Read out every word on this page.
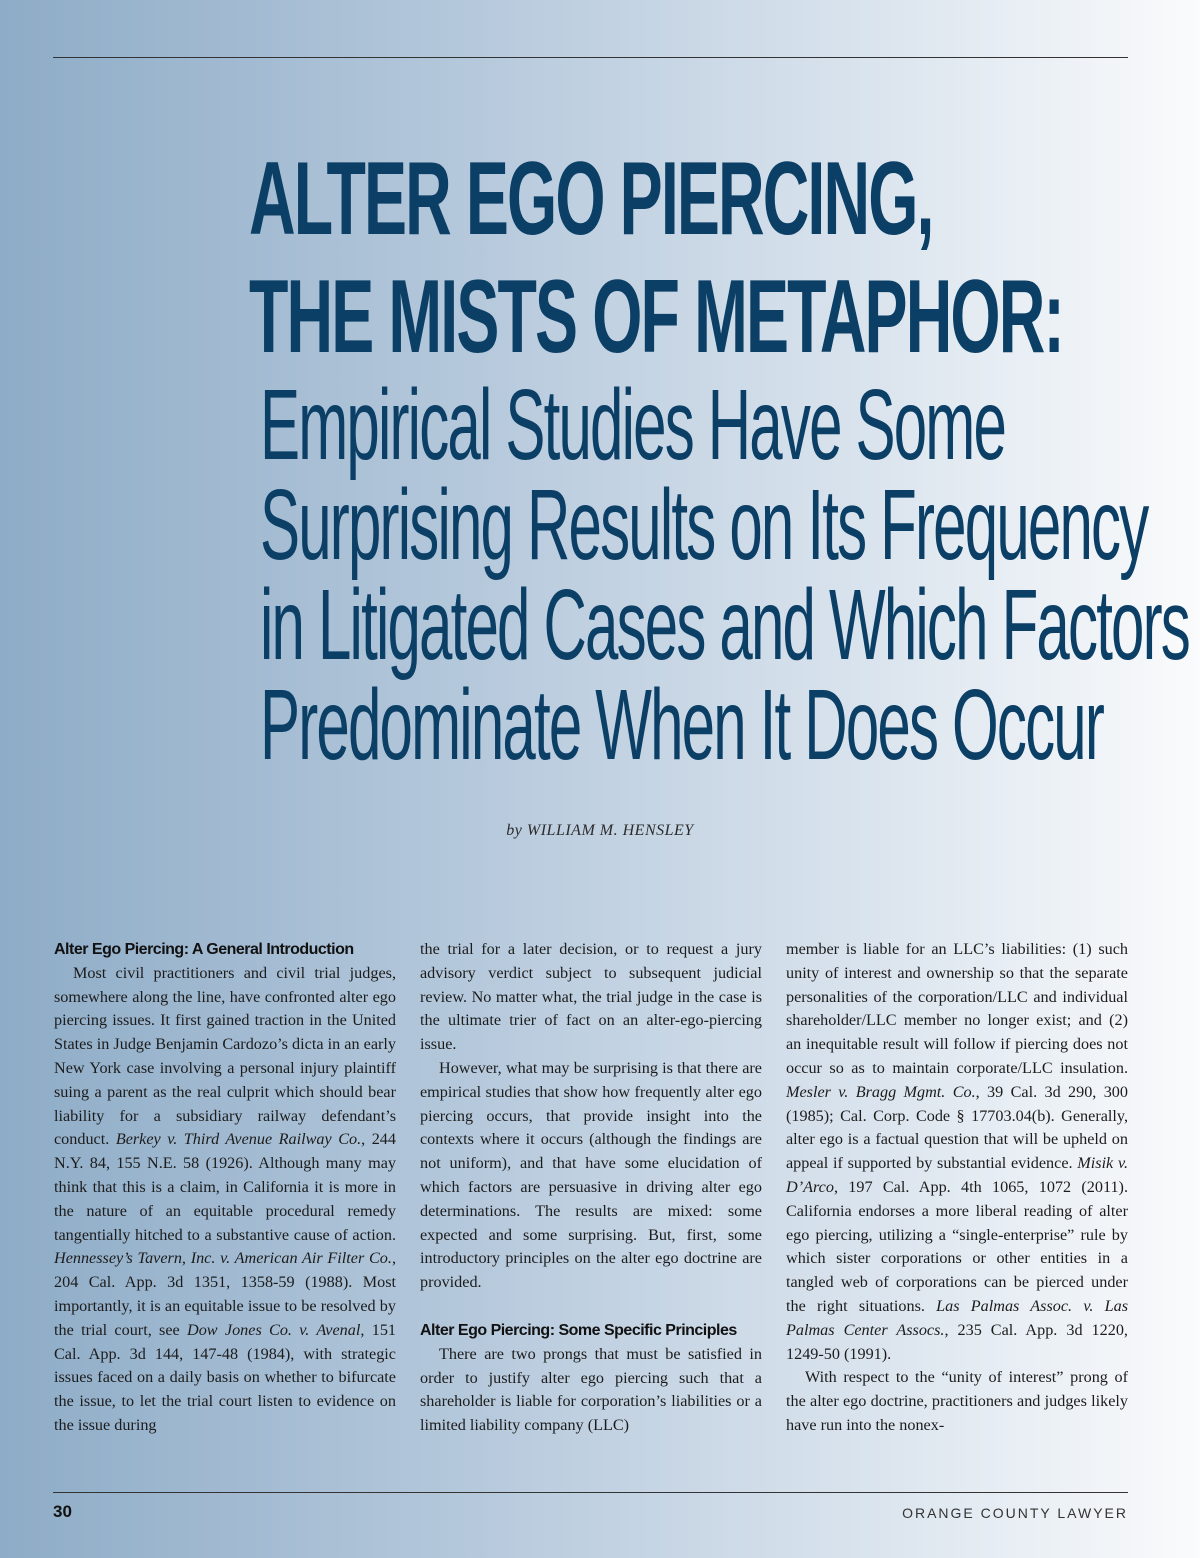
ALTER EGO PIERCING,
THE MISTS OF METAPHOR:
Empirical Studies Have Some
Surprising Results on Its Frequency
in Litigated Cases and Which Factors
Predominate When It Does Occur
by WILLIAM M. HENSLEY
Alter Ego Piercing: A General Introduction

Most civil practitioners and civil trial judges, somewhere along the line, have confronted alter ego piercing issues. It first gained traction in the United States in Judge Benjamin Cardozo’s dicta in an early New York case involving a personal injury plaintiff suing a parent as the real culprit which should bear liability for a subsidiary railway defendant’s conduct. Berkey v. Third Avenue Railway Co., 244 N.Y. 84, 155 N.E. 58 (1926). Although many may think that this is a claim, in California it is more in the nature of an equitable procedural remedy tangentially hitched to a substantive cause of action. Hennessey’s Tavern, Inc. v. American Air Filter Co., 204 Cal. App. 3d 1351, 1358-59 (1988). Most importantly, it is an equitable issue to be resolved by the trial court, see Dow Jones Co. v. Avenal, 151 Cal. App. 3d 144, 147-48 (1984), with strategic issues faced on a daily basis on whether to bifurcate the issue, to let the trial court listen to evidence on the issue during

the trial for a later decision, or to request a jury advisory verdict subject to subsequent judicial review. No matter what, the trial judge in the case is the ultimate trier of fact on an alter-ego-piercing issue.

However, what may be surprising is that there are empirical studies that show how frequently alter ego piercing occurs, that provide insight into the contexts where it occurs (although the findings are not uniform), and that have some elucidation of which factors are persuasive in driving alter ego determinations. The results are mixed: some expected and some surprising. But, first, some introductory principles on the alter ego doctrine are provided.

Alter Ego Piercing: Some Specific Principles

There are two prongs that must be satisfied in order to justify alter ego piercing such that a shareholder is liable for corporation’s liabilities or a limited liability company (LLC)

member is liable for an LLC’s liabilities: (1) such unity of interest and ownership so that the separate personalities of the corporation/LLC and individual shareholder/LLC member no longer exist; and (2) an inequitable result will follow if piercing does not occur so as to maintain corporate/LLC insulation. Mesler v. Bragg Mgmt. Co., 39 Cal. 3d 290, 300 (1985); Cal. Corp. Code § 17703.04(b). Generally, alter ego is a factual question that will be upheld on appeal if supported by substantial evidence. Misik v. D’Arco, 197 Cal. App. 4th 1065, 1072 (2011). California endorses a more liberal reading of alter ego piercing, utilizing a “single-enterprise” rule by which sister corporations or other entities in a tangled web of corporations can be pierced under the right situations. Las Palmas Assoc. v. Las Palmas Center Assocs., 235 Cal. App. 3d 1220, 1249-50 (1991).

With respect to the “unity of interest” prong of the alter ego doctrine, practitioners and judges likely have run into the nonex-

30	ORANGE COUNTY LAWYER
